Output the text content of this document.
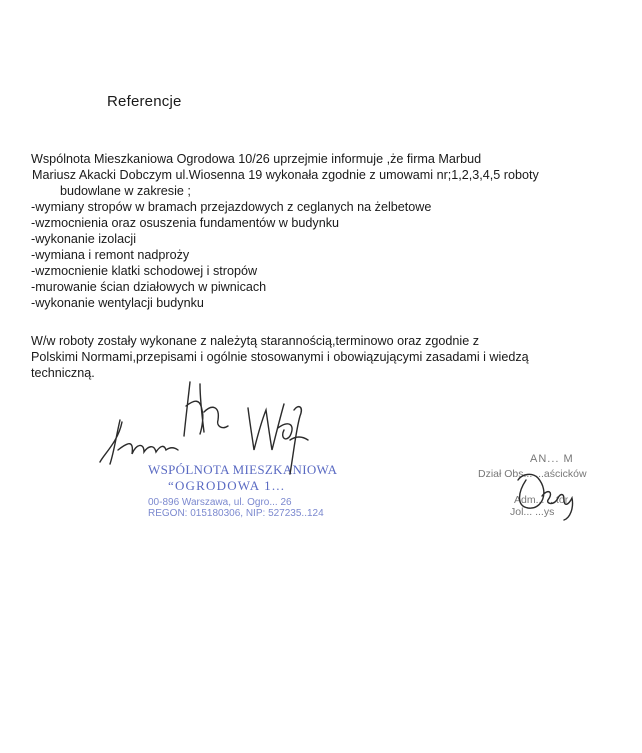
Referencje
Wspólnota Mieszkaniowa Ogrodowa 10/26 uprzejmie informuje ,że firma Marbud
Mariusz Akacki Dobczym ul.Wiosenna 19 wykonała zgodnie z umowami nr;1,2,3,4,5 roboty
budowlane w zakresie ;
-wymiany stropów w bramach przejazdowych z ceglanych na żelbetowe
-wzmocnienia oraz osuszenia fundamentów w budynku
-wykonanie izolacji
-wymiana i remont nadproży
-wzmocnienie klatki schodowej i stropów
-murowanie ścian działowych w piwnicach
-wykonanie wentylacji budynku
W/w roboty zostały wykonane z należytą starannością,terminowo oraz zgodnie z
Polskimi Normami,przepisami i ogólnie stosowanymi i obowiązującymi zasadami i wiedzą
techniczną.
WSPÓLNOTA MIESZKANIOWA
“OGRODOWA 1...
00-896 Warszawa, ul. Ogro... 26
REGON: 015180306, NIP: 527235..124
AN... M
Dział Obs... ...aścicków
Adm... ...tor
Jol... ...ys
